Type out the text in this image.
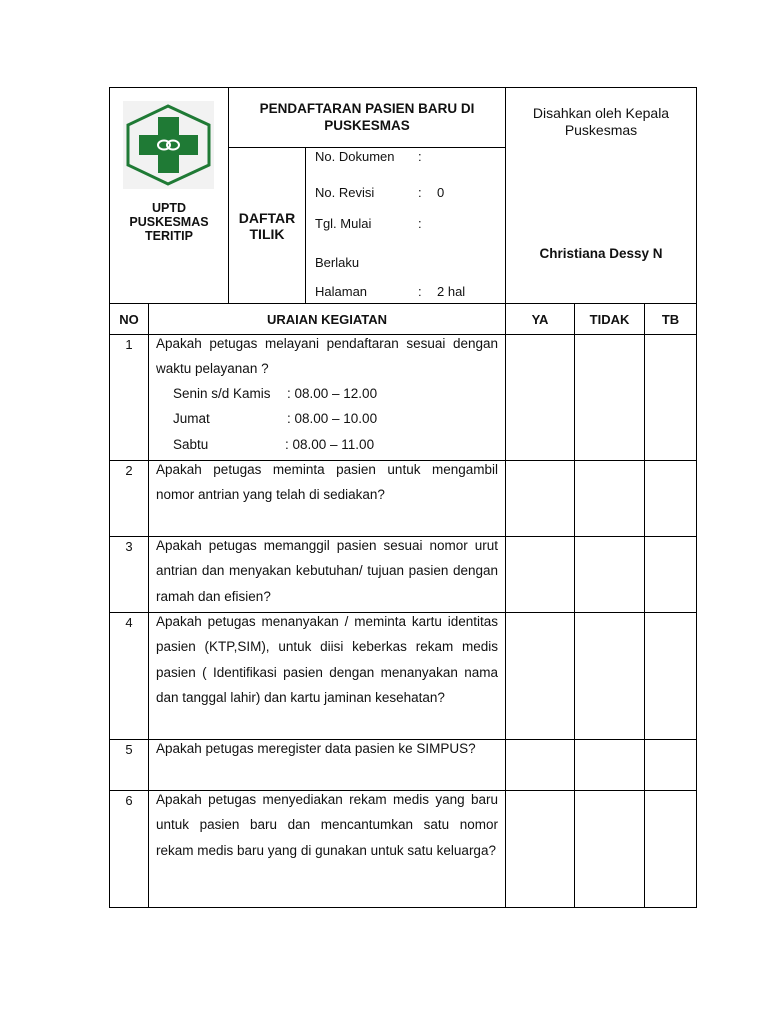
UPTD
PUSKESMAS
TERITIP
PENDAFTARAN PASIEN BARU DI
PUSKESMAS
DAFTAR
TILIK
No. Dokumen :
No. Revisi	: 0
Tgl. Mulai	:
Berlaku
Halaman	: 2 hal
Disahkan oleh Kepala
Puskesmas
Christiana Dessy N
NO	URAIAN KEGIATAN	YA	TIDAK	TB
1	Apakah petugas melayani pendaftaran sesuai dengan waktu pelayanan ?
Senin s/d Kamis : 08.00 – 12.00
Jumat	: 08.00 – 10.00
Sabtu	: 08.00 – 11.00
2	Apakah petugas meminta pasien untuk mengambil nomor antrian yang telah di sediakan?
3	Apakah petugas memanggil pasien sesuai nomor urut antrian dan menyakan kebutuhan/ tujuan pasien dengan ramah dan efisien?
4	Apakah petugas menanyakan / meminta kartu identitas pasien (KTP,SIM), untuk diisi keberkas rekam medis pasien ( Identifikasi pasien dengan menanyakan nama dan tanggal lahir) dan kartu jaminan kesehatan?
5	Apakah petugas meregister data pasien ke SIMPUS?
6	Apakah petugas menyediakan rekam medis yang baru untuk pasien baru dan mencantumkan satu nomor rekam medis baru yang di gunakan untuk satu keluarga?
